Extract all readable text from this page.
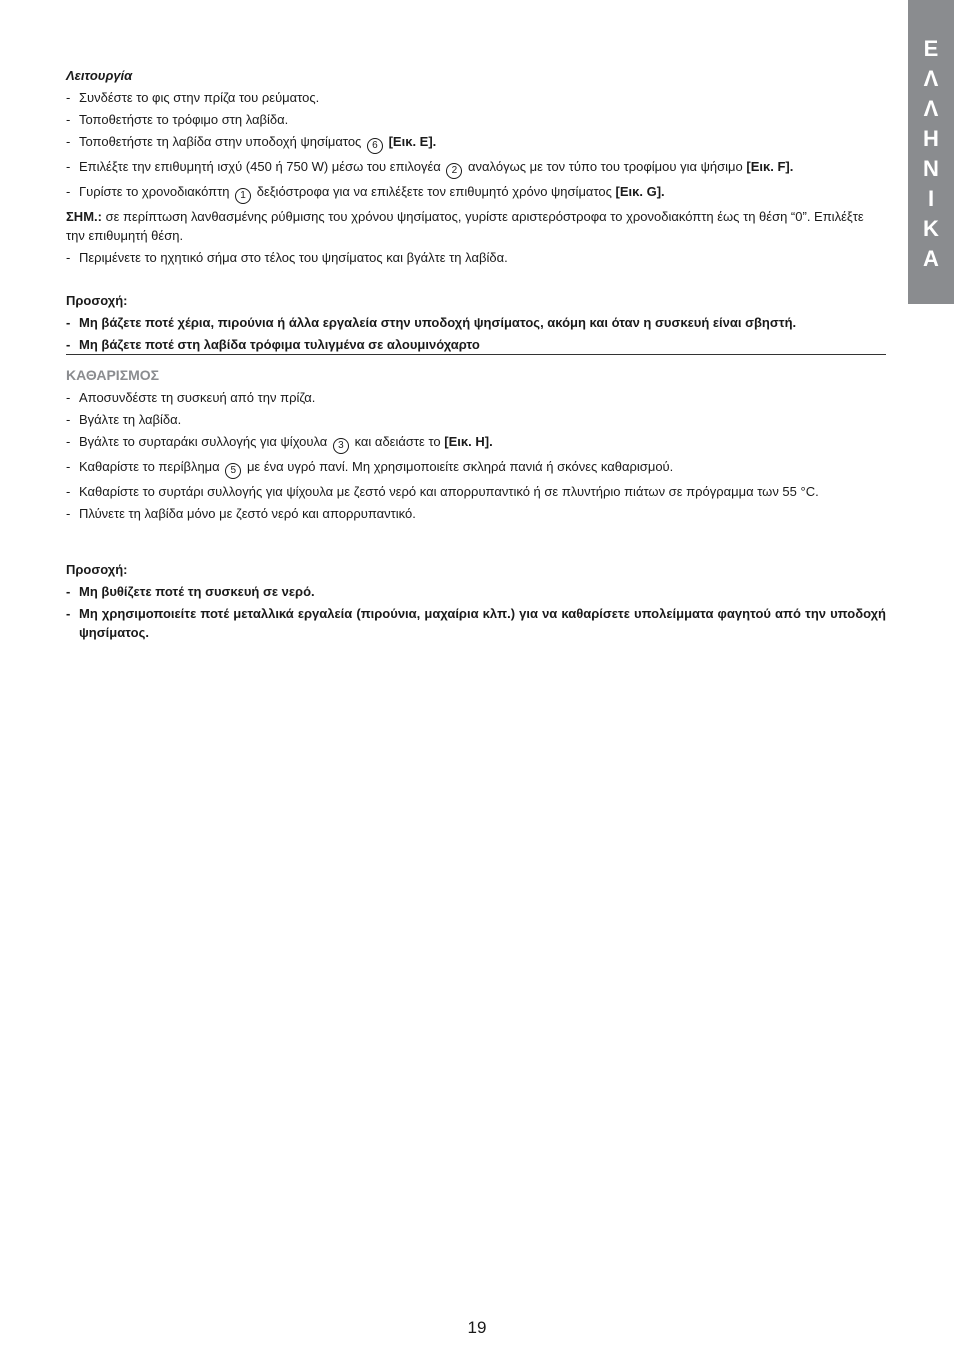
Ε
Λ
Λ
Η
Ν
Ι
Κ
Α

Λειτουργία

- Συνδέστε το φις στην πρίζα του ρεύματος.
- Τοποθετήστε το τρόφιμο στη λαβίδα.
- Τοποθετήστε τη λαβίδα στην υποδοχή ψησίματος 6 [Εικ. E].
- Επιλέξτε την επιθυμητή ισχύ (450 ή 750 W) μέσω του επιλογέα 2 αναλόγως με τον τύπο του τροφίμου για ψήσιμο [Εικ. F].
- Γυρίστε το χρονοδιακόπτη 1 δεξιόστροφα για να επιλέξετε τον επιθυμητό χρόνο ψησίματος [Εικ. G].

ΣΗΜ.: σε περίπτωση λανθασμένης ρύθμισης του χρόνου ψησίματος, γυρίστε αριστερόστροφα το χρονοδιακόπτη έως τη θέση “0”. Επιλέξτε την επιθυμητή θέση.

- Περιμένετε το ηχητικό σήμα στο τέλος του ψησίματος και βγάλτε τη λαβίδα.

Προσοχή:

- Μη βάζετε ποτέ χέρια, πιρούνια ή άλλα εργαλεία στην υποδοχή ψησίματος, ακόμη και όταν η συσκευή είναι σβηστή.
- Μη βάζετε ποτέ στη λαβίδα τρόφιμα τυλιγμένα σε αλουμινόχαρτο
ΚΑΘΑΡΙΣΜΟΣ
- Αποσυνδέστε τη συσκευή από την πρίζα.
- Βγάλτε τη λαβίδα.
- Βγάλτε το συρταράκι συλλογής για ψίχουλα 3 και αδειάστε το [Εικ. H].
- Καθαρίστε το περίβλημα 5 με ένα υγρό πανί. Μη χρησιμοποιείτε σκληρά πανιά ή σκόνες καθαρισμού.
- Καθαρίστε το συρτάρι συλλογής για ψίχουλα με ζεστό νερό και απορρυπαντικό ή σε πλυντήριο πιάτων σε πρόγραμμα των 55 °C.
- Πλύνετε τη λαβίδα μόνο με ζεστό νερό και απορρυπαντικό.

Προσοχή:

- Μη βυθίζετε ποτέ τη συσκευή σε νερό.
- Μη χρησιμοποιείτε ποτέ μεταλλικά εργαλεία (πιρούνια, μαχαίρια κλπ.) για να καθαρίσετε υπολείμματα φαγητού από την υποδοχή ψησίματος.
19
